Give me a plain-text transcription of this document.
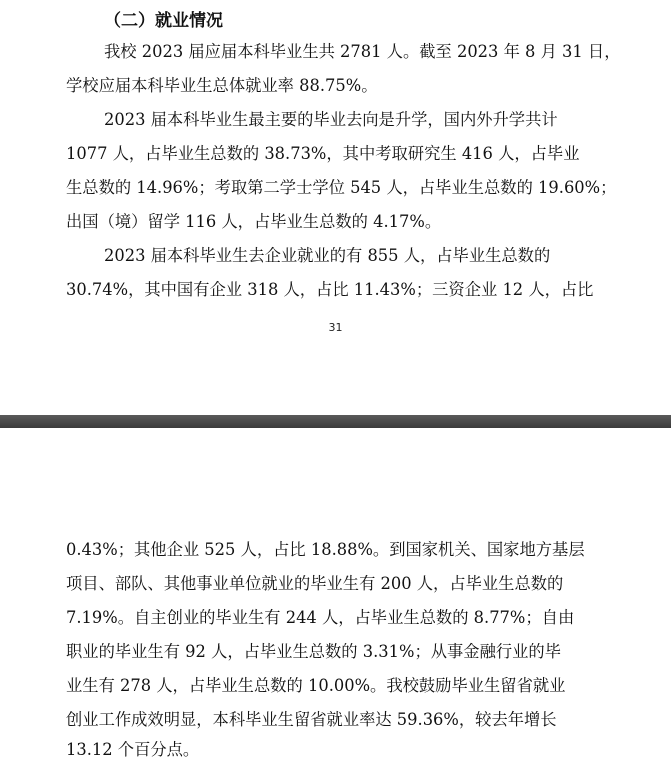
（二）就业情况
我校 2023 届应届本科毕业生共 2781 人。截至 2023 年 8 月 31 日，
学校应届本科毕业生总体就业率 88.75%。
2023 届本科毕业生最主要的毕业去向是升学，国内外升学共计
1077 人，占毕业生总数的 38.73%，其中考取研究生 416 人，占毕业
生总数的 14.96%；考取第二学士学位 545 人，占毕业生总数的 19.60%；
出国（境）留学 116 人，占毕业生总数的 4.17%。
2023 届本科毕业生去企业就业的有 855 人，占毕业生总数的
30.74%，其中国有企业 318 人，占比 11.43%；三资企业 12 人，占比
31
0.43%；其他企业 525 人，占比 18.88%。到国家机关、国家地方基层
项目、部队、其他事业单位就业的毕业生有 200 人，占毕业生总数的
7.19%。自主创业的毕业生有 244 人，占毕业生总数的 8.77%；自由
职业的毕业生有 92 人，占毕业生总数的 3.31%；从事金融行业的毕
业生有 278 人，占毕业生总数的 10.00%。我校鼓励毕业生留省就业
创业工作成效明显，本科毕业生留省就业率达 59.36%，较去年增长
13.12 个百分点。
